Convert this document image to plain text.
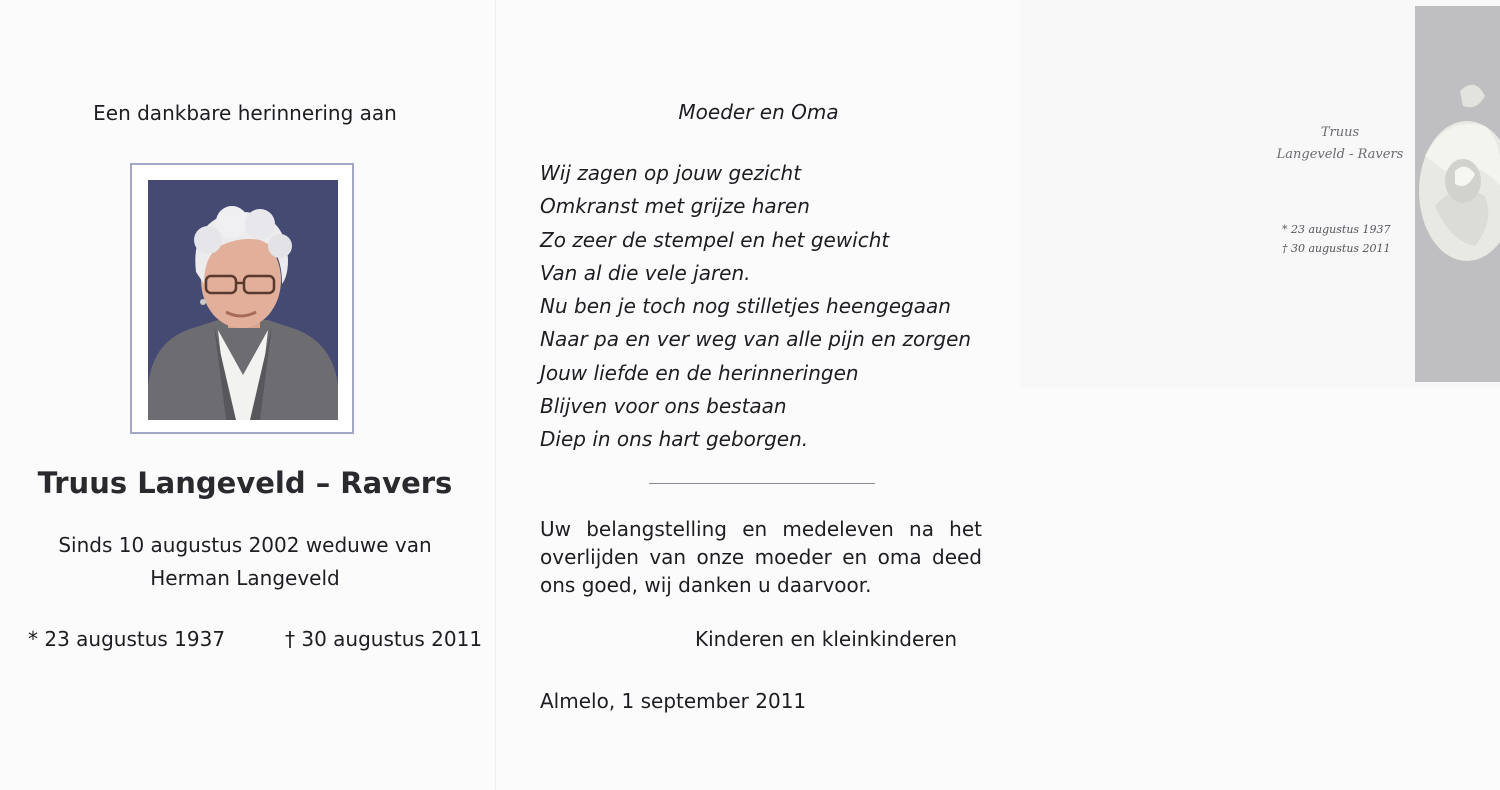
Een dankbare herinnering aan
Truus Langeveld – Ravers
Sinds 10 augustus 2002 weduwe van
Herman Langeveld
* 23 augustus 1937	† 30 augustus 2011
Moeder en Oma
Wij zagen op jouw gezicht
Omkranst met grijze haren
Zo zeer de stempel en het gewicht
Van al die vele jaren.
Nu ben je toch nog stilletjes heengegaan
Naar pa en ver weg van alle pijn en zorgen
Jouw liefde en de herinneringen
Blijven voor ons bestaan
Diep in ons hart geborgen.
Uw belangstelling en medeleven na het overlijden van onze moeder en oma deed ons goed, wij danken u daarvoor.
Kinderen en kleinkinderen
Almelo, 1 september 2011
Truus
Langeveld - Ravers
* 23 augustus 1937
† 30 augustus 2011
